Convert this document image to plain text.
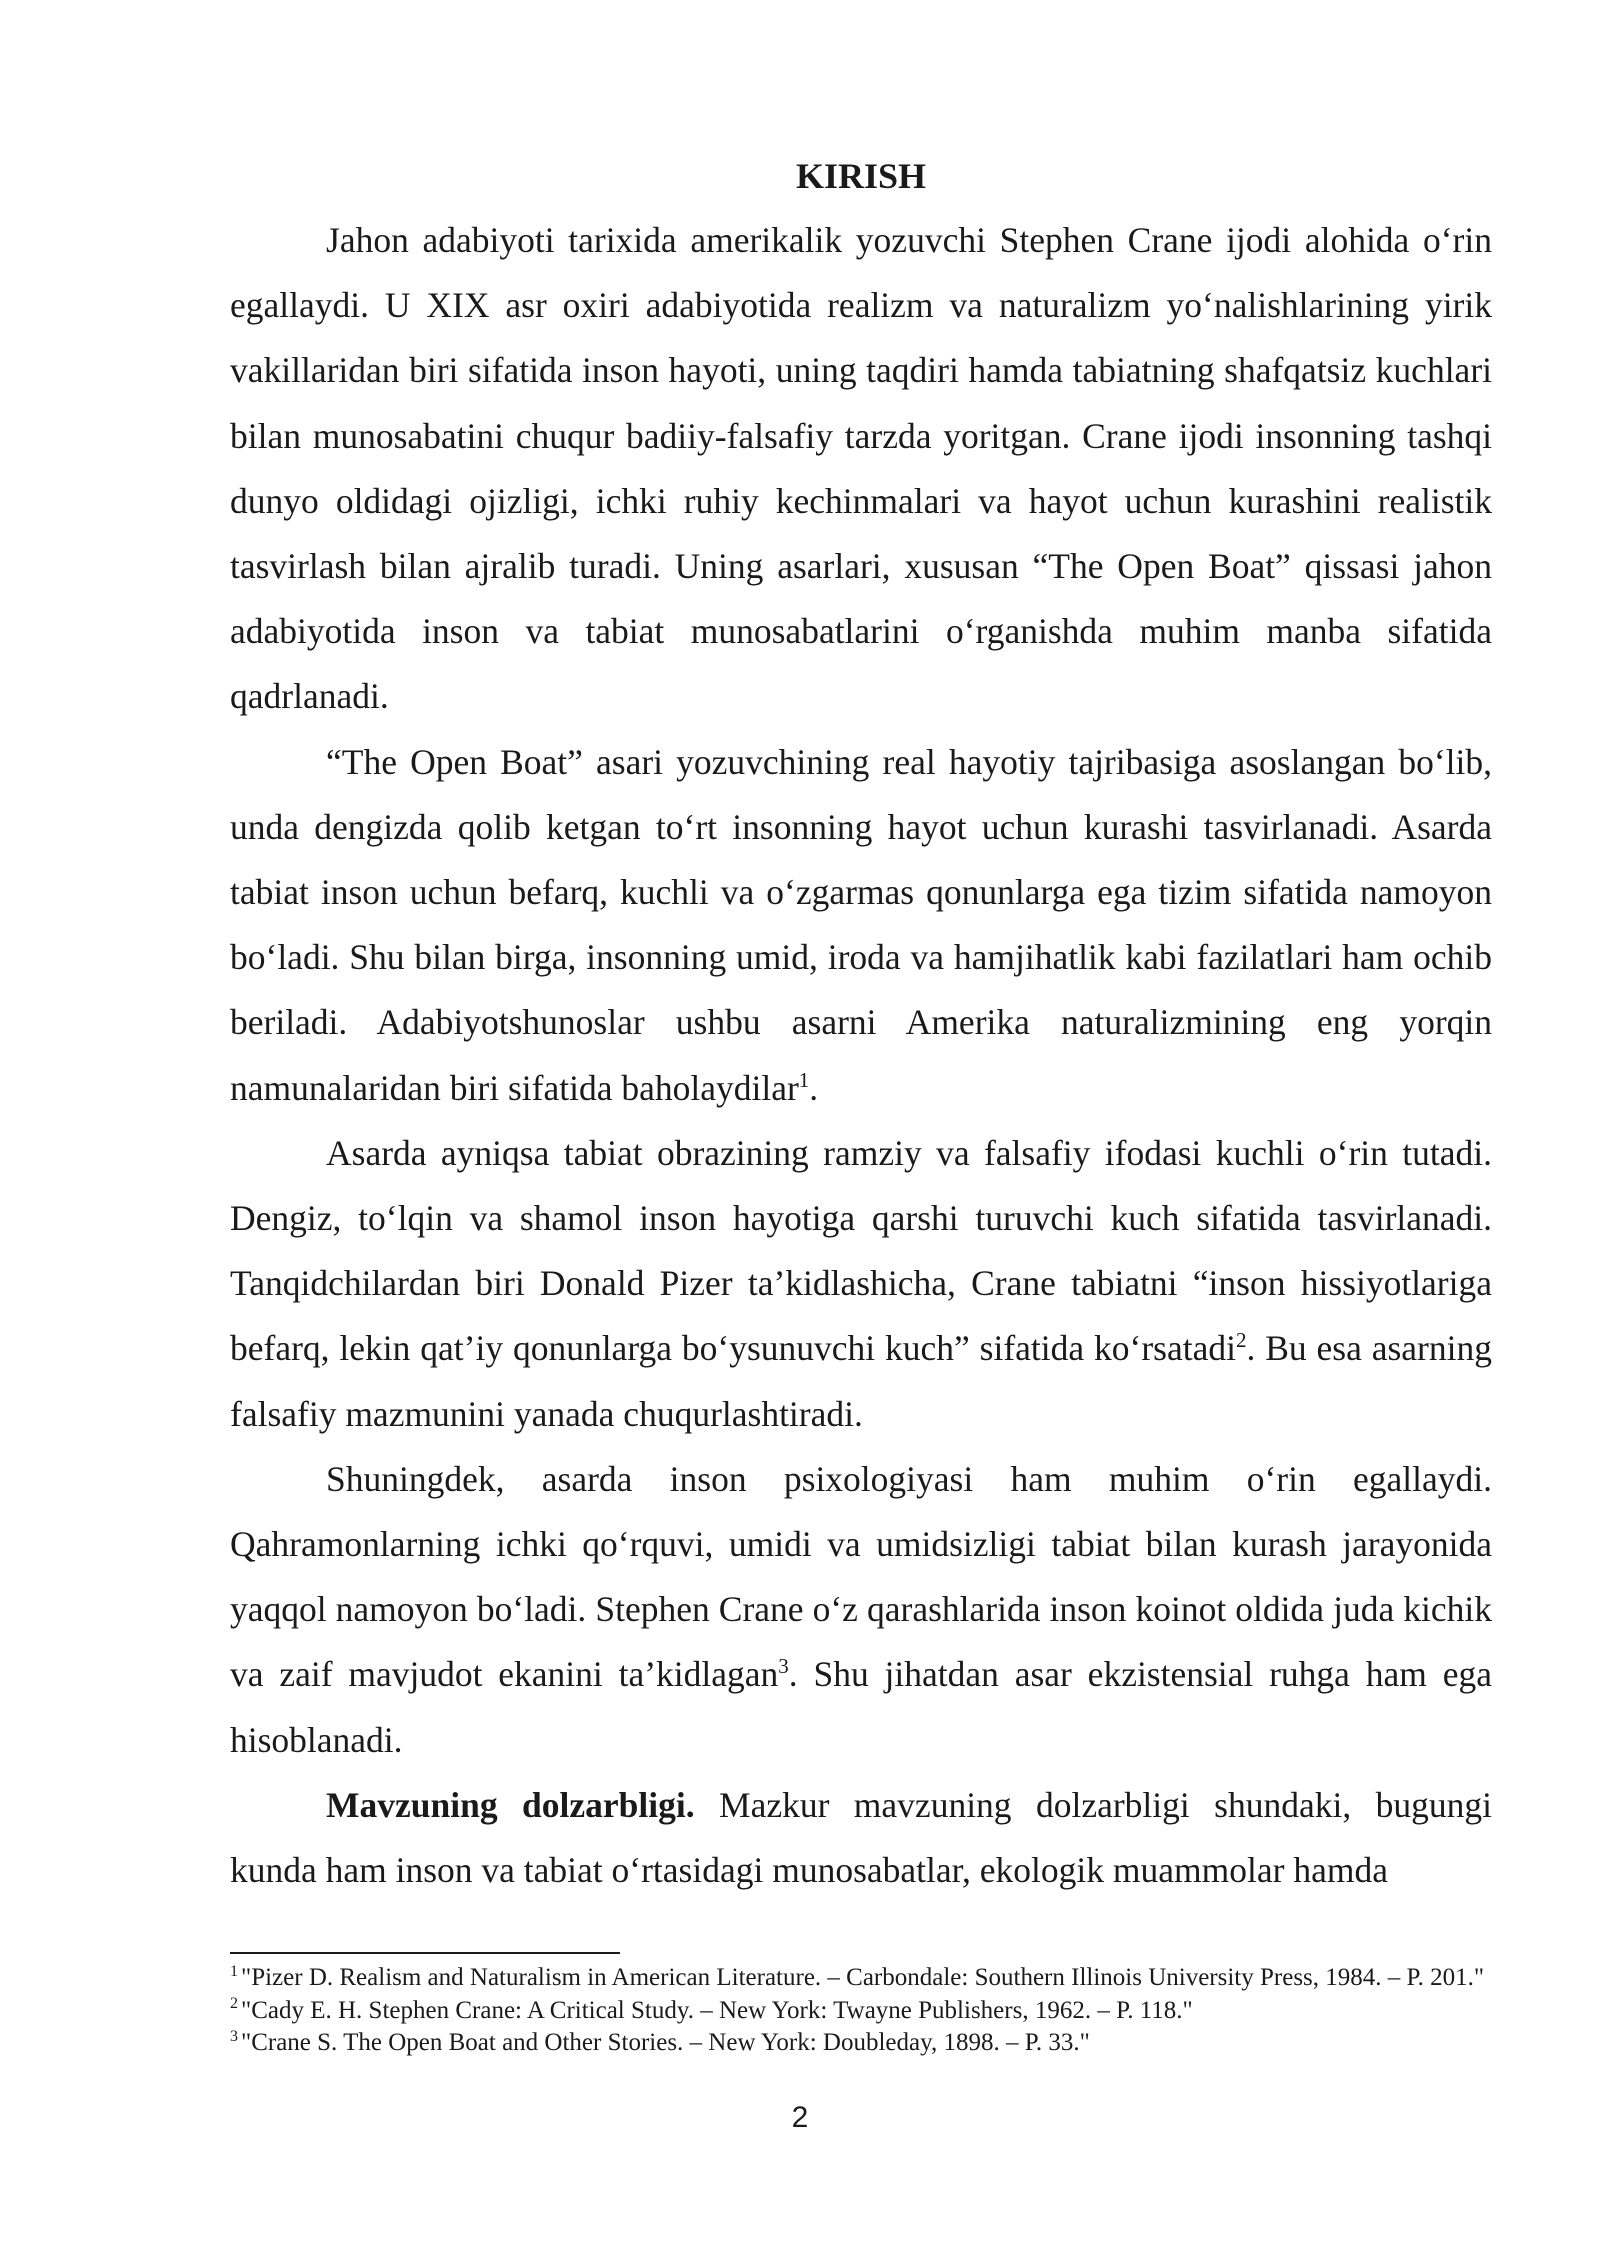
KIRISH

Jahon adabiyoti tarixida amerikalik yozuvchi Stephen Crane ijodi alohida o‘rin egallaydi. U XIX asr oxiri adabiyotida realizm va naturalizm yo‘nalishlarining yirik vakillaridan biri sifatida inson hayoti, uning taqdiri hamda tabiatning shafqatsiz kuchlari bilan munosabatini chuqur badiiy-falsafiy tarzda yoritgan. Crane ijodi insonning tashqi dunyo oldidagi ojizligi, ichki ruhiy kechinmalari va hayot uchun kurashini realistik tasvirlash bilan ajralib turadi. Uning asarlari, xususan “The Open Boat” qissasi jahon adabiyotida inson va tabiat munosabatlarini o‘rganishda muhim manba sifatida qadrlanadi.

“The Open Boat” asari yozuvchining real hayotiy tajribasiga asoslangan bo‘lib, unda dengizda qolib ketgan to‘rt insonning hayot uchun kurashi tasvirlanadi. Asarda tabiat inson uchun befarq, kuchli va o‘zgarmas qonunlarga ega tizim sifatida namoyon bo‘ladi. Shu bilan birga, insonning umid, iroda va hamjihatlik kabi fazilatlari ham ochib beriladi. Adabiyotshunoslar ushbu asarni Amerika naturalizmining eng yorqin namunalaridan biri sifatida baholaydilar$^1$.

Asarda ayniqsa tabiat obrazining ramziy va falsafiy ifodasi kuchli o‘rin tutadi. Dengiz, to‘lqin va shamol inson hayotiga qarshi turuvchi kuch sifatida tasvirlanadi. Tanqidchilardan biri Donald Pizer ta’kidlashicha, Crane tabiatni “inson hissiyotlariga befarq, lekin qat’iy qonunlarga bo‘ysunuvchi kuch” sifatida ko‘rsatadi$^2$. Bu esa asarning falsafiy mazmunini yanada chuqurlashtiradi.

Shuningdek, asarda inson psixologiyasi ham muhim o‘rin egallaydi. Qahramonlarning ichki qo‘rquvi, umidi va umidsizligi tabiat bilan kurash jarayonida yaqqol namoyon bo‘ladi. Stephen Crane o‘z qarashlarida inson koinot oldida juda kichik va zaif mavjudot ekanini ta’kidlagan$^3$. Shu jihatdan asar ekzistensial ruhga ham ega hisoblanadi.

Mavzuning dolzarbligi. Mazkur mavzuning dolzarbligi shundaki, bugungi kunda ham inson va tabiat o‘rtasidagi munosabatlar, ekologik muammolar hamda

$^1$ "Pizer D. Realism and Naturalism in American Literature. – Carbondale: Southern Illinois University Press, 1984. – P. 201."

$^2$ "Cady E. H. Stephen Crane: A Critical Study. – New York: Twayne Publishers, 1962. – P. 118."

$^3$ "Crane S. The Open Boat and Other Stories. – New York: Doubleday, 1898. – P. 33."

2
